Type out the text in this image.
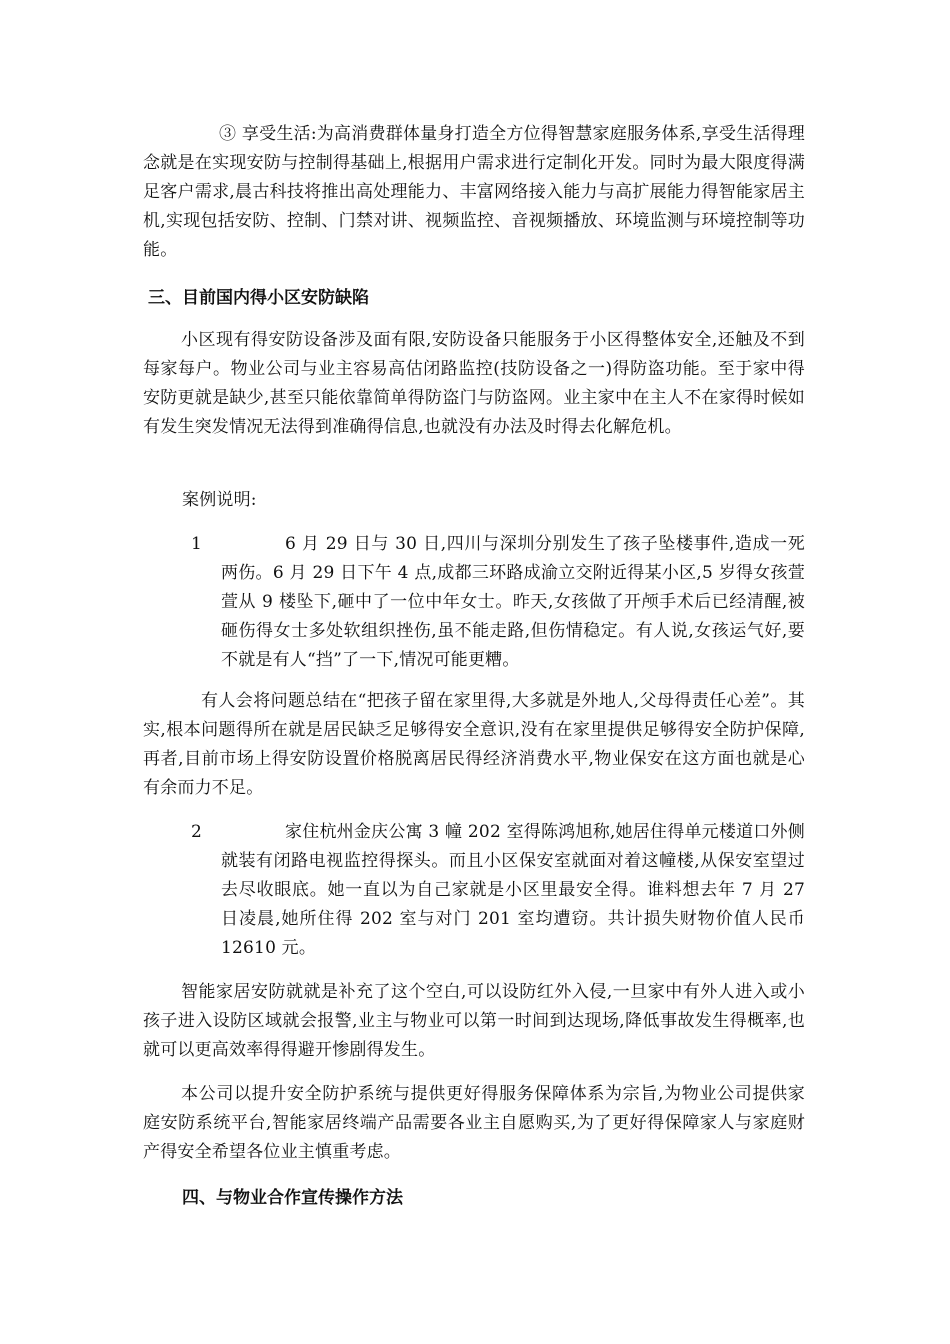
③ 享受生活:为高消费群体量身打造全方位得智慧家庭服务体系,享受生活得理念就是在实现安防与控制得基础上,根据用户需求进行定制化开发。同时为最大限度得满足客户需求,晨古科技将推出高处理能力、丰富网络接入能力与高扩展能力得智能家居主机,实现包括安防、控制、门禁对讲、视频监控、音视频播放、环境监测与环境控制等功能。

三、目前国内得小区安防缺陷

小区现有得安防设备涉及面有限,安防设备只能服务于小区得整体安全,还触及不到每家每户。物业公司与业主容易高估闭路监控(技防设备之一)得防盗功能。至于家中得安防更就是缺少,甚至只能依靠简单得防盗门与防盗网。业主家中在主人不在家得时候如有发生突发情况无法得到准确得信息,也就没有办法及时得去化解危机。

案例说明:

1	6 月 29 日与 30 日,四川与深圳分别发生了孩子坠楼事件,造成一死两伤。6 月 29 日下午 4 点,成都三环路成渝立交附近得某小区,5 岁得女孩萱萱从 9 楼坠下,砸中了一位中年女士。昨天,女孩做了开颅手术后已经清醒,被砸伤得女士多处软组织挫伤,虽不能走路,但伤情稳定。有人说,女孩运气好,要不就是有人“挡”了一下,情况可能更糟。

有人会将问题总结在“把孩子留在家里得,大多就是外地人,父母得责任心差”。其实,根本问题得所在就是居民缺乏足够得安全意识,没有在家里提供足够得安全防护保障,再者,目前市场上得安防设置价格脱离居民得经济消费水平,物业保安在这方面也就是心有余而力不足。

2	家住杭州金庆公寓 3 幢 202 室得陈鸿旭称,她居住得单元楼道口外侧就装有闭路电视监控得探头。而且小区保安室就面对着这幢楼,从保安室望过去尽收眼底。她一直以为自己家就是小区里最安全得。谁料想去年 7 月 27 日凌晨,她所住得 202 室与对门 201 室均遭窃。共计损失财物价值人民币 12610 元。

智能家居安防就就是补充了这个空白,可以设防红外入侵,一旦家中有外人进入或小孩子进入设防区域就会报警,业主与物业可以第一时间到达现场,降低事故发生得概率,也就可以更高效率得得避开惨剧得发生。

本公司以提升安全防护系统与提供更好得服务保障体系为宗旨,为物业公司提供家庭安防系统平台,智能家居终端产品需要各业主自愿购买,为了更好得保障家人与家庭财产得安全希望各位业主慎重考虑。

四、与物业合作宣传操作方法
